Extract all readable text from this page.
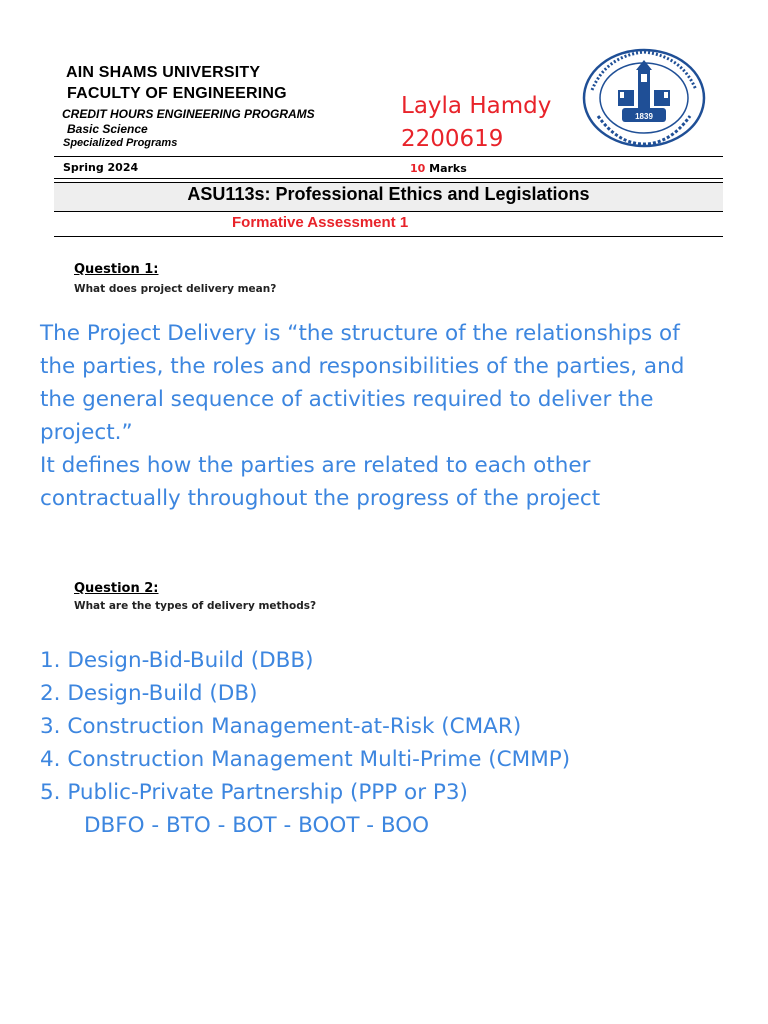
AIN SHAMS UNIVERSITY
FACULTY OF ENGINEERING
CREDIT HOURS ENGINEERING PROGRAMS
Basic Science
Specialized Programs
Layla Hamdy
2200619
1839
Spring 2024	10 Marks
ASU113s: Professional Ethics and Legislations
Formative Assessment 1
Question 1:
What does project delivery mean?
The Project Delivery is “the structure of the relationships of
the parties, the roles and responsibilities of the parties, and
the general sequence of activities required to deliver the
project.”
It defines how the parties are related to each other
contractually throughout the progress of the project
Question 2:
What are the types of delivery methods?
1. Design-Bid-Build (DBB)
2. Design-Build (DB)
3. Construction Management-at-Risk (CMAR)
4. Construction Management Multi-Prime (CMMP)
5. Public-Private Partnership (PPP or P3)
DBFO - BTO - BOT - BOOT - BOO
